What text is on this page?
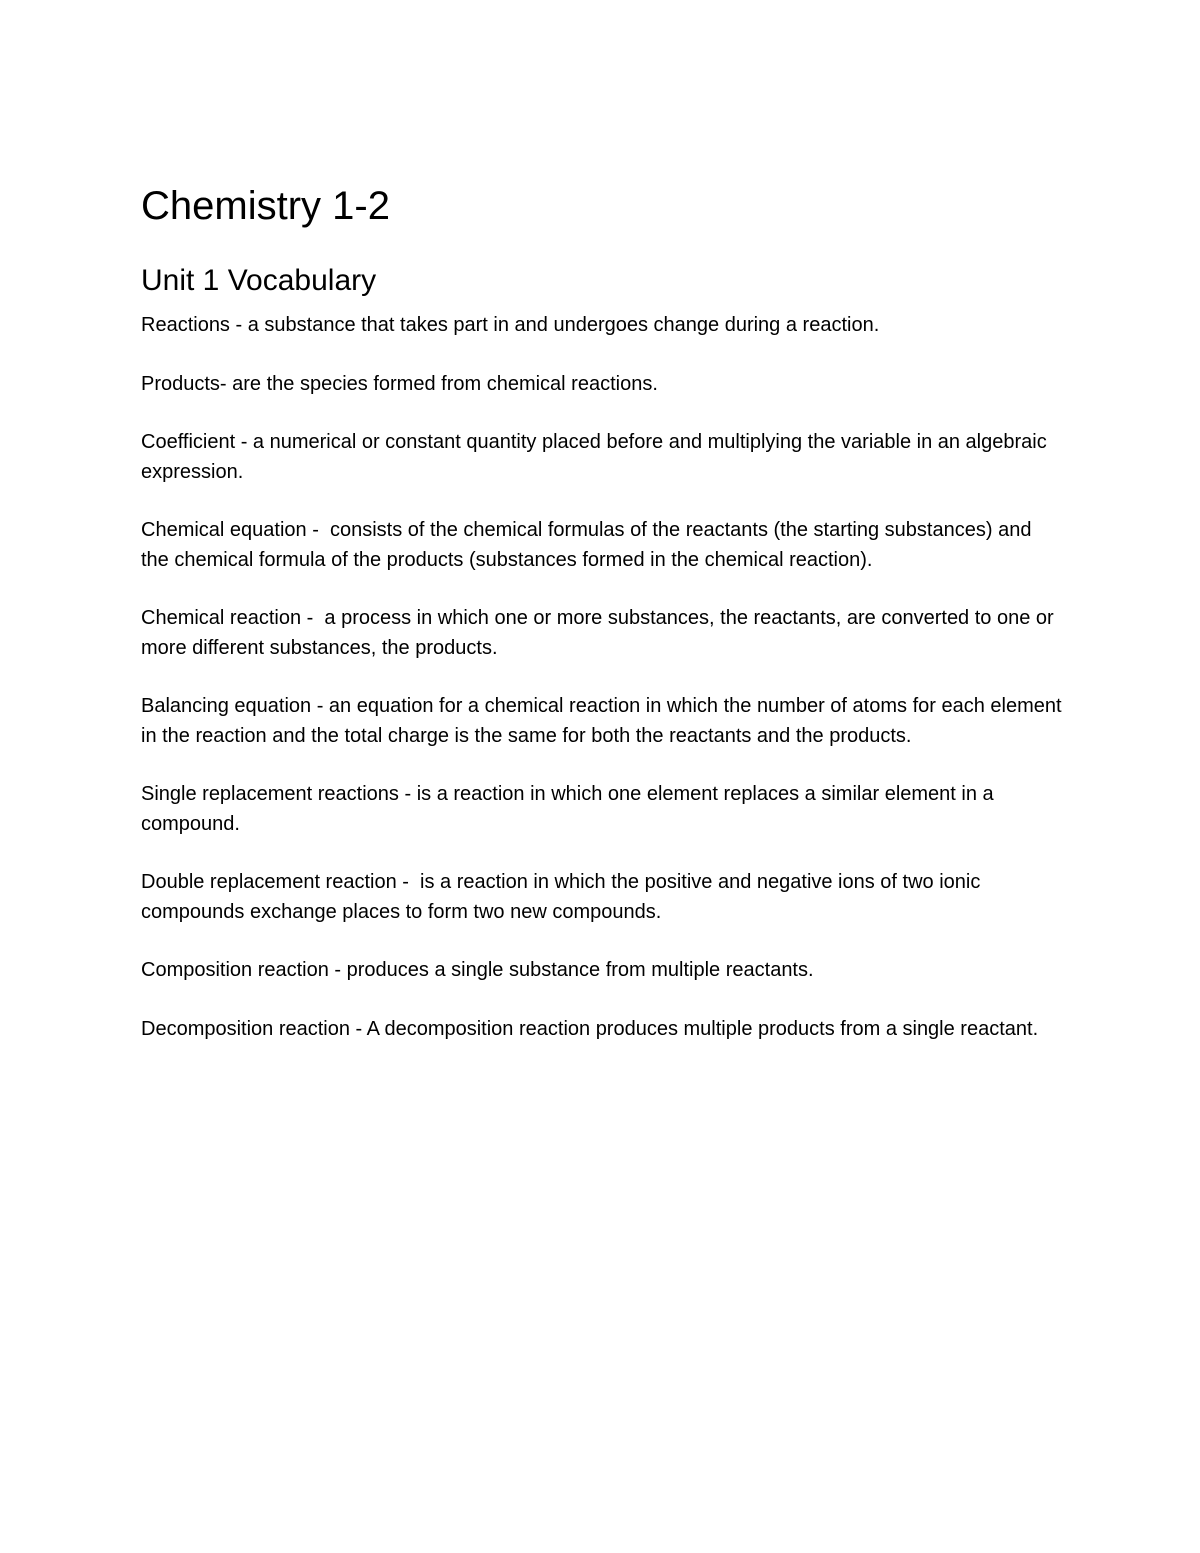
Chemistry 1-2
Unit 1 Vocabulary
Reactions - a substance that takes part in and undergoes change during a reaction.
Products- are the species formed from chemical reactions.
Coefficient - a numerical or constant quantity placed before and multiplying the variable in an algebraic expression.
Chemical equation -  consists of the chemical formulas of the reactants (the starting substances) and the chemical formula of the products (substances formed in the chemical reaction).
Chemical reaction -  a process in which one or more substances, the reactants, are converted to one or more different substances, the products.
Balancing equation - an equation for a chemical reaction in which the number of atoms for each element in the reaction and the total charge is the same for both the reactants and the products.
Single replacement reactions - is a reaction in which one element replaces a similar element in a compound.
Double replacement reaction -  is a reaction in which the positive and negative ions of two ionic compounds exchange places to form two new compounds.
Composition reaction - produces a single substance from multiple reactants.
Decomposition reaction - A decomposition reaction produces multiple products from a single reactant.
